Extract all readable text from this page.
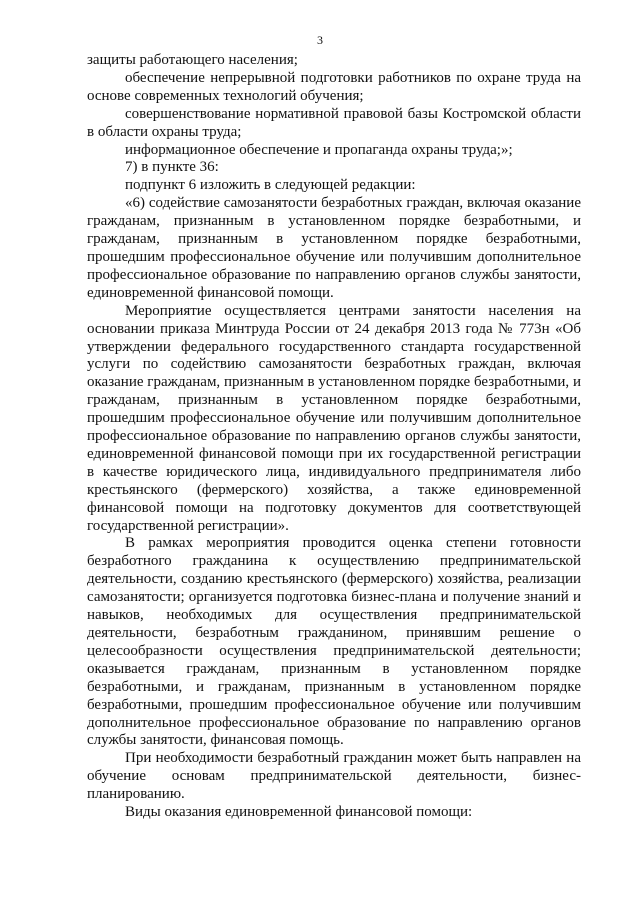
3

защиты работающего населения;

обеспечение непрерывной подготовки работников по охране труда на основе современных технологий обучения;

совершенствование нормативной правовой базы Костромской области в области охраны труда;

информационное обеспечение и пропаганда охраны труда;»;

7) в пункте 36:

подпункт 6 изложить в следующей редакции:

«6) содействие самозанятости безработных граждан, включая оказание гражданам, признанным в установленном порядке безработными, и гражданам, признанным в установленном порядке безработными, прошедшим профессиональное обучение или получившим дополнительное профессиональное образование по направлению органов службы занятости, единовременной финансовой помощи.

Мероприятие осуществляется центрами занятости населения на основании приказа Минтруда России от 24 декабря 2013 года № 773н «Об утверждении федерального государственного стандарта государственной услуги по содействию самозанятости безработных граждан, включая оказание гражданам, признанным в установленном порядке безработными, и гражданам, признанным в установленном порядке безработными, прошедшим профессиональное обучение или получившим дополнительное профессиональное образование по направлению органов службы занятости, единовременной финансовой помощи при их государственной регистрации в качестве юридического лица, индивидуального предпринимателя либо крестьянского (фермерского) хозяйства, а также единовременной финансовой помощи на подготовку документов для соответствующей государственной регистрации».

В рамках мероприятия проводится оценка степени готовности безработного гражданина к осуществлению предпринимательской деятельности, созданию крестьянского (фермерского) хозяйства, реализации самозанятости; организуется подготовка бизнес-плана и получение знаний и навыков, необходимых для осуществления предпринимательской деятельности, безработным гражданином, принявшим решение о целесообразности осуществления предпринимательской деятельности; оказывается гражданам, признанным в установленном порядке безработными, и гражданам, признанным в установленном порядке безработными, прошедшим профессиональное обучение или получившим дополнительное профессиональное образование по направлению органов службы занятости, финансовая помощь.

При необходимости безработный гражданин может быть направлен на обучение основам предпринимательской деятельности, бизнес-планированию.

Виды оказания единовременной финансовой помощи:
